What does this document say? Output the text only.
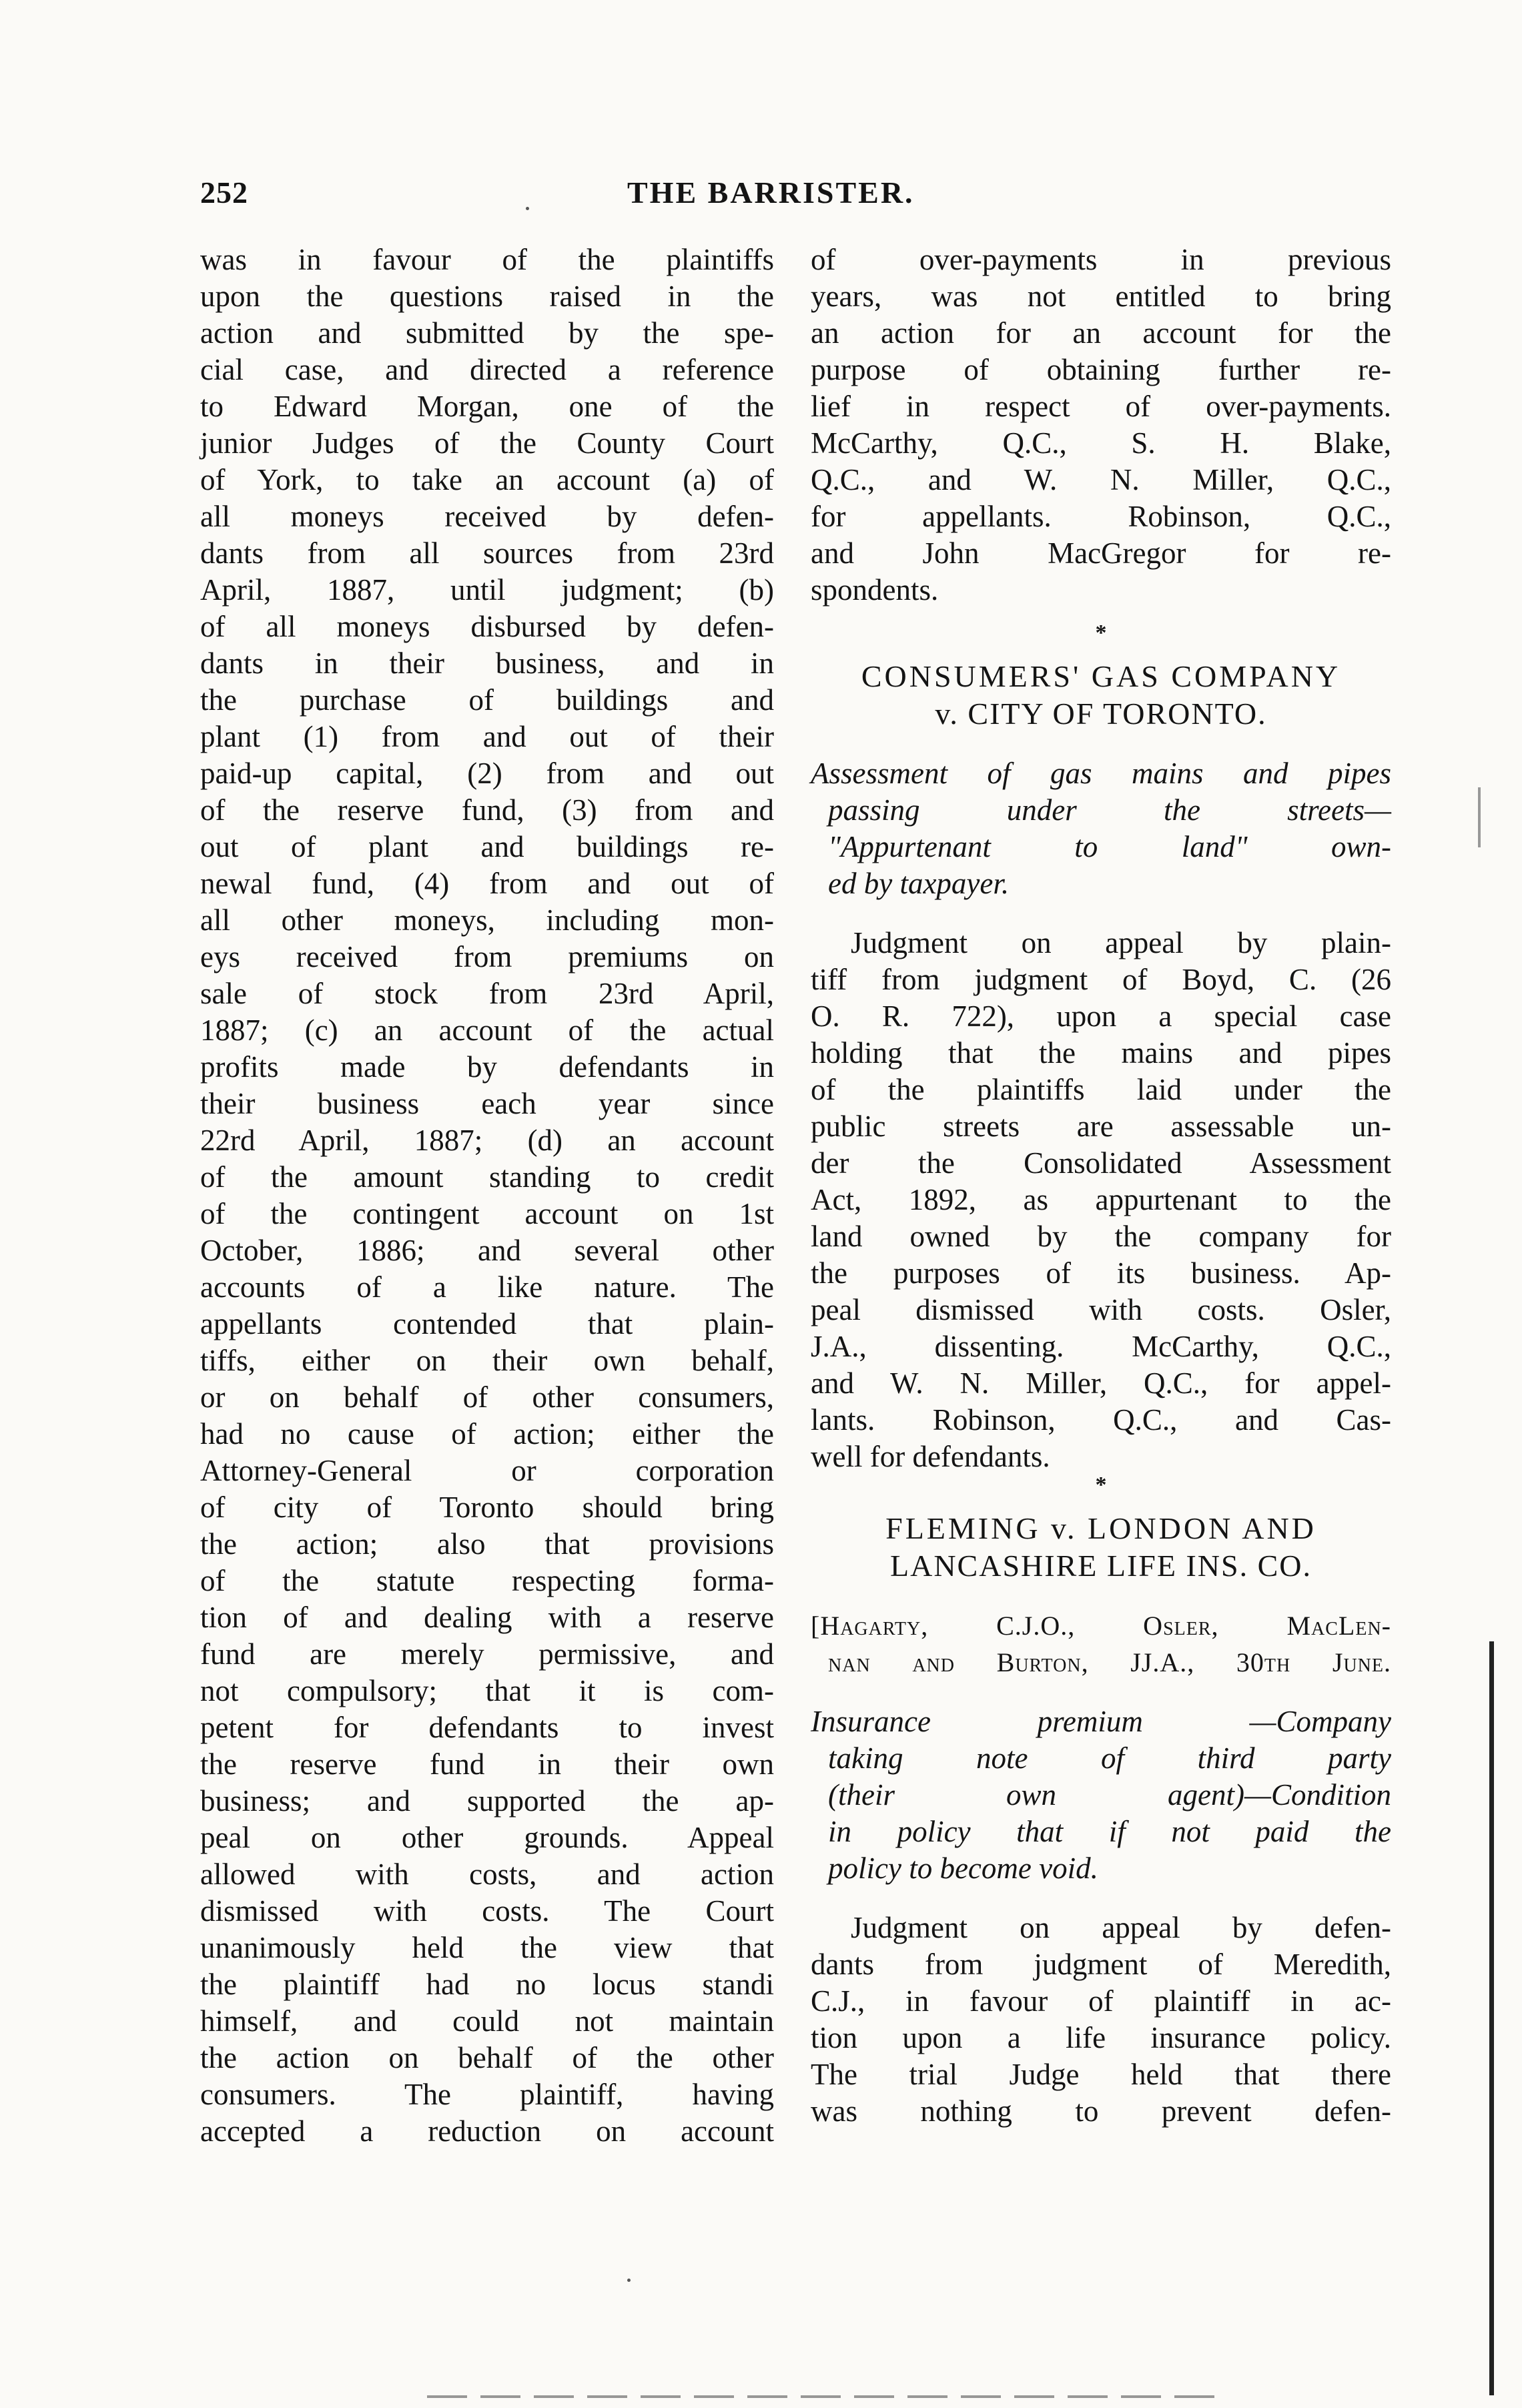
252	THE BARRISTER.
was in favour of the plaintiffs
upon the questions raised in the
action and submitted by the spe-
cial case, and directed a reference
to Edward Morgan, one of the
junior Judges of the County Court
of York, to take an account (a) of
all moneys received by defen-
dants from all sources from 23rd
April, 1887, until judgment; (b)
of all moneys disbursed by defen-
dants in their business, and in
the purchase of buildings and
plant (1) from and out of their
paid-up capital, (2) from and out
of the reserve fund, (3) from and
out of plant and buildings re-
newal fund, (4) from and out of
all other moneys, including mon-
eys received from premiums on
sale of stock from 23rd April,
1887; (c) an account of the actual
profits made by defendants in
their business each year since
22rd April, 1887; (d) an account
of the amount standing to credit
of the contingent account on 1st
October, 1886; and several other
accounts of a like nature. The
appellants contended that plain-
tiffs, either on their own behalf,
or on behalf of other consumers,
had no cause of action; either the
Attorney-General or corporation
of city of Toronto should bring
the action; also that provisions
of the statute respecting forma-
tion of and dealing with a reserve
fund are merely permissive, and
not compulsory; that it is com-
petent for defendants to invest
the reserve fund in their own
business; and supported the ap-
peal on other grounds. Appeal
allowed with costs, and action
dismissed with costs. The Court
unanimously held the view that
the plaintiff had no locus standi
himself, and could not maintain
the action on behalf of the other
consumers. The plaintiff, having
accepted a reduction on account
of over-payments in previous
years, was not entitled to bring
an action for an account for the
purpose of obtaining further re-
lief in respect of over-payments.
McCarthy, Q.C., S. H. Blake,
Q.C., and W. N. Miller, Q.C.,
for appellants. Robinson, Q.C.,
and John MacGregor for re-
spondents.
*
CONSUMERS' GAS COMPANY
v. CITY OF TORONTO.
Assessment of gas mains and pipes
passing under the streets—
"Appurtenant to land" own-
ed by taxpayer.
Judgment on appeal by plain-
tiff from judgment of Boyd, C. (26
O. R. 722), upon a special case
holding that the mains and pipes
of the plaintiffs laid under the
public streets are assessable un-
der the Consolidated Assessment
Act, 1892, as appurtenant to the
land owned by the company for
the purposes of its business. Ap-
peal dismissed with costs. Osler,
J.A., dissenting. McCarthy, Q.C.,
and W. N. Miller, Q.C., for appel-
lants. Robinson, Q.C., and Cas-
well for defendants.
*
FLEMING v. LONDON AND
LANCASHIRE LIFE INS. CO.
[Hagarty, C.J.O., Osler, MacLen-
nan and Burton, JJ.A., 30th June.
Insurance premium —Company
taking note of third party
(their own agent)—Condition
in policy that if not paid the
policy to become void.
Judgment on appeal by defen-
dants from judgment of Meredith,
C.J., in favour of plaintiff in ac-
tion upon a life insurance policy.
The trial Judge held that there
was nothing to prevent defen-
